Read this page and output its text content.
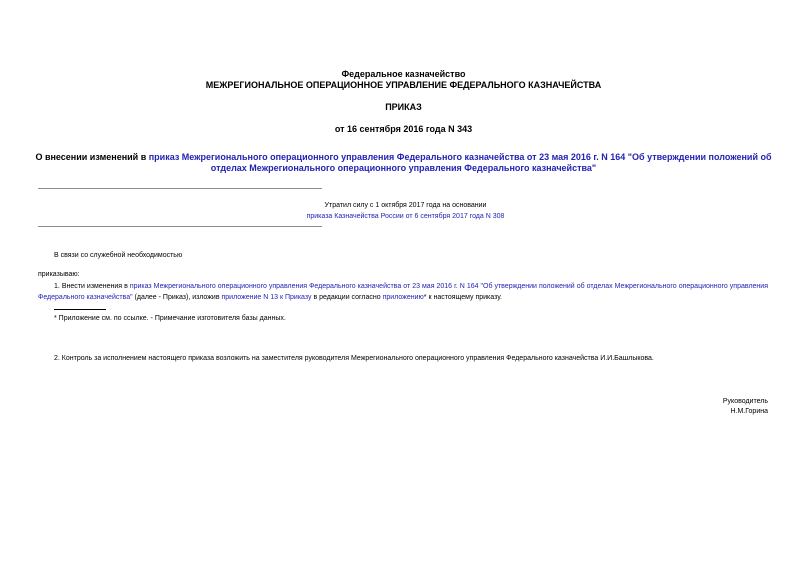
Федеральное казначейство
МЕЖРЕГИОНАЛЬНОЕ ОПЕРАЦИОННОЕ УПРАВЛЕНИЕ ФЕДЕРАЛЬНОГО КАЗНАЧЕЙСТВА
ПРИКАЗ
от 16 сентября 2016 года N 343
О внесении изменений в приказ Межрегионального операционного управления Федерального казначейства от 23 мая 2016 г. N 164 "Об утверждении положений об отделах Межрегионального операционного управления Федерального казначейства"
Утратил силу с 1 октября 2017 года на основании
приказа Казначейства России от 6 сентября 2017 года N 308
В связи со служебной необходимостью
приказываю:
1. Внести изменения в приказ Межрегионального операционного управления Федерального казначейства от 23 мая 2016 г. N 164 "Об утверждении положений об отделах Межрегионального операционного управления Федерального казначейства" (далее - Приказ), изложив приложение N 13 к Приказу в редакции согласно приложению* к настоящему приказу.
* Приложение см. по ссылке. - Примечание изготовителя базы данных.
2. Контроль за исполнением настоящего приказа возложить на заместителя руководителя Межрегионального операционного управления Федерального казначейства И.И.Башлыкова.
Руководитель
Н.М.Горина
